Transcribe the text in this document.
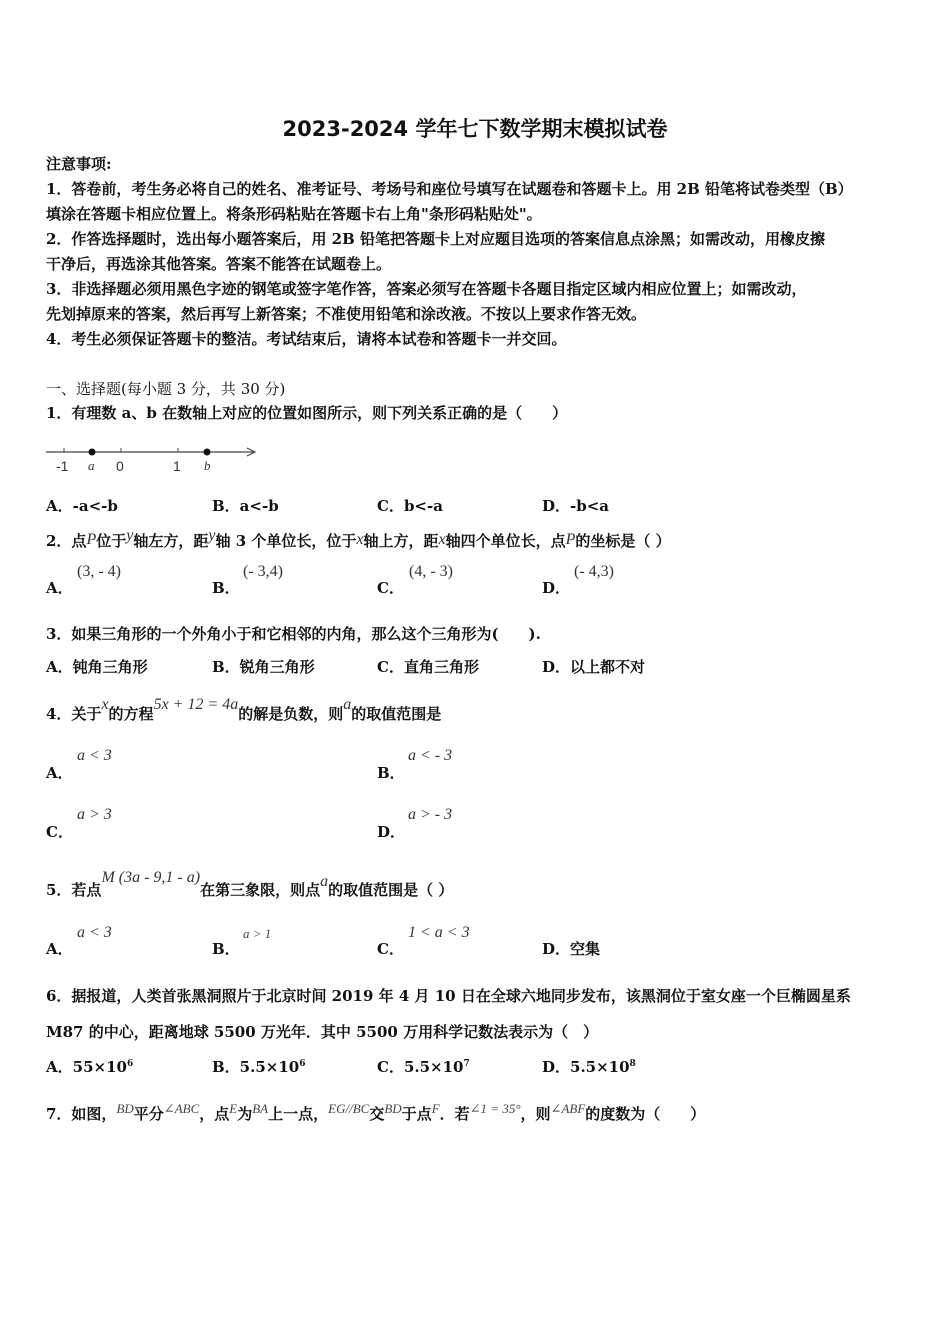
2023-2024 学年七下数学期末模拟试卷
注意事项:
1．答卷前，考生务必将自己的姓名、准考证号、考场号和座位号填写在试题卷和答题卡上。用 2B 铅笔将试卷类型（B）
填涂在答题卡相应位置上。将条形码粘贴在答题卡右上角"条形码粘贴处"。
2．作答选择题时，选出每小题答案后，用 2B 铅笔把答题卡上对应题目选项的答案信息点涂黑；如需改动，用橡皮擦
干净后，再选涂其他答案。答案不能答在试题卷上。
3．非选择题必须用黑色字迹的钢笔或签字笔作答，答案必须写在答题卡各题目指定区域内相应位置上；如需改动，
先划掉原来的答案，然后再写上新答案；不准使用铅笔和涂改液。不按以上要求作答无效。
4．考生必须保证答题卡的整洁。考试结束后，请将本试卷和答题卡一并交回。
一、选择题(每小题 3 分，共 30 分)
1．有理数 a、b 在数轴上对应的位置如图所示，则下列关系正确的是（　　）
-1 a 0	1 b
A．-a<-b	B．a<-b	C．b<-a	D．-b<a
2．点P位于y轴左方，距y轴 3 个单位长，位于x轴上方，距x轴四个单位长，点P的坐标是（ ）
A．
(3, - 4)
B．
(- 3,4)
C．
(4, - 3)
D．
(- 4,3)
3．如果三角形的一个外角小于和它相邻的内角，那么这个三角形为(　　).
A．钝角三角形	B．锐角三角形	C．直角三角形	D．以上都不对
4．关于x的方程5x + 12 = 4a的解是负数，则a的取值范围是
A．
a < 3
B．
a < - 3
C．
a > 3
D．
a > - 3
5．若点M (3a - 9,1 - a)在第三象限，则点a的取值范围是（ ）
A．
a < 3
B．
a > 1
C．
1 < a < 3
D．空集
6．据报道，人类首张黑洞照片于北京时间 2019 年 4 月 10 日在全球六地同步发布，该黑洞位于室女座一个巨椭圆星系
M87 的中心，距离地球 5500 万光年．其中 5500 万用科学记数法表示为（　）
A．$55\times 10^6$	B．$5.5\times 10^6$	C．$5.5\times 10^7$	D．$5.5\times 10^8$
7．如图，BD平分∠ABC，点E为BA上一点，EG//BC交BD于点F．若∠1 = 35°，则∠ABF的度数为（　　）
